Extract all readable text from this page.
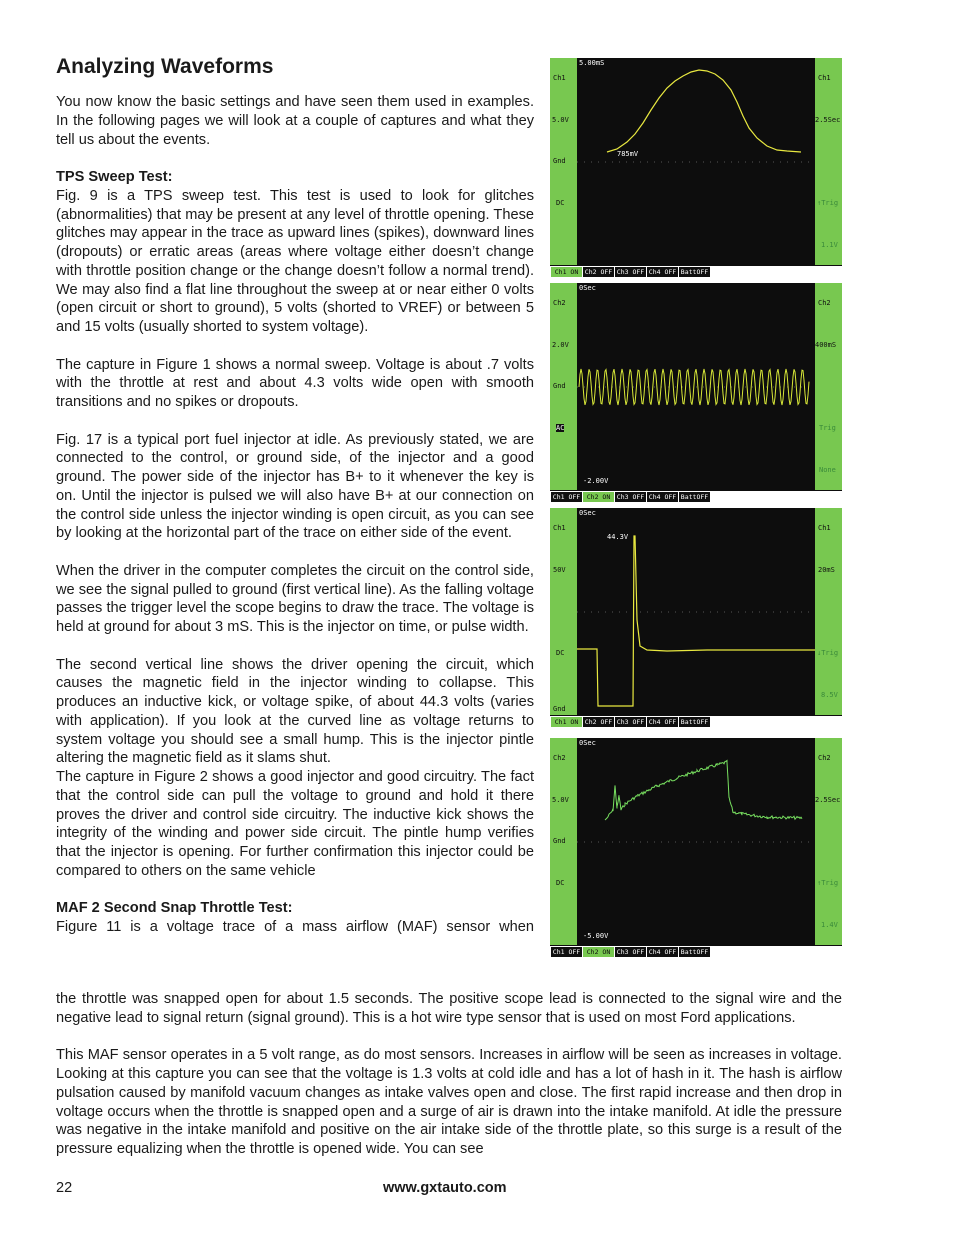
Analyzing Waveforms

You now know the basic settings and have seen them used in examples. In the following pages we will look at a couple of captures and what they tell us about the events.

TPS Sweep Test:

Fig. 9 is a TPS sweep test. This test is used to look for glitches (abnormalities) that may be present at any level of throttle opening. These glitches may appear in the trace as upward lines (spikes), downward lines (dropouts) or erratic areas (areas where voltage either doesn’t change with throttle position change or the change doesn’t follow a normal trend). We may also find a flat line throughout the sweep at or near either 0 volts (open circuit or short to ground), 5 volts (shorted to VREF) or between 5 and 15 volts (usually shorted to system voltage).

The capture in Figure 1 shows a normal sweep. Voltage is about .7 volts with the throttle at rest and about 4.3 volts wide open with smooth transitions and no spikes or dropouts.

Fig. 17 is a typical port fuel injector at idle. As previously stated, we are connected to the control, or ground side, of the injector and a good ground. The power side of the injector has B+ to it whenever the key is on. Until the injector is pulsed we will also have B+ at our connection on the control side unless the injector winding is open circuit, as you can see by looking at the horizontal part of the trace on either side of the event.

When the driver in the computer completes the circuit on the control side, we see the signal pulled to ground (first vertical line). As the falling voltage passes the trigger level the scope begins to draw the trace. The voltage is held at ground for about 3 mS. This is the injector on time, or pulse width.

The second vertical line shows the driver opening the circuit, which causes the magnetic field in the injector winding to collapse. This produces an inductive kick, or voltage spike, of about 44.3 volts (varies with application). If you look at the curved line as voltage returns to system voltage you should see a small hump. This is the injector pintle altering the magnetic field as it slams shut.

The capture in Figure 2 shows a good injector and good circuitry. The fact that the control side can pull the voltage to ground and hold it there proves the driver and control side circuitry. The inductive kick shows the integrity of the winding and power side circuit. The pintle hump verifies that the injector is opening. For further confirmation this injector could be compared to others on the same vehicle

MAF 2 Second Snap Throttle Test:

Figure 11 is a voltage trace of a mass airflow (MAF) sensor when

the throttle was snapped open for about 1.5 seconds. The positive scope lead is connected to the signal wire and the negative lead to signal return (signal ground). This is a hot wire type sensor that is used on most Ford applications.

This MAF sensor operates in a 5 volt range, as do most sensors. Increases in airflow will be seen as increases in voltage. Looking at this capture you can see that the voltage is 1.3 volts at cold idle and has a lot of hash in it. The hash is airflow pulsation caused by manifold vacuum changes as intake valves open and close. The first rapid increase and then drop in voltage occurs when the throttle is snapped open and a surge of air is drawn into the intake manifold. At idle the pressure was negative in the intake manifold and positive on the air intake side of the throttle plate, so this surge is a result of the pressure equalizing when the throttle is opened wide. You can see

Ch1
5.0V
Gnd
DC
5.00mS
785mV
Ch1
2.5Sec
↑Trig
1.1V
Ch1 ON	Ch2 OFF Ch3 OFF Ch4 OFF BattOFF
Ch2
2.0V
Gnd
AC
0Sec
-2.00V
Ch2
400mS
Trig
None
Ch1 OFF	Ch2 ON	Ch3 OFF Ch4 OFF BattOFF
Ch1
50V
DC
Gnd
0Sec
44.3V
Ch1
20mS
↓Trig
8.5V
Ch1 ON	Ch2 OFF Ch3 OFF Ch4 OFF BattOFF
Ch2
5.0V
Gnd
DC
0Sec
-5.00V
Ch2
2.5Sec
↑Trig
1.4V
Ch1 OFF	Ch2 ON	Ch3 OFF Ch4 OFF BattOFF
22	www.gxtauto.com
